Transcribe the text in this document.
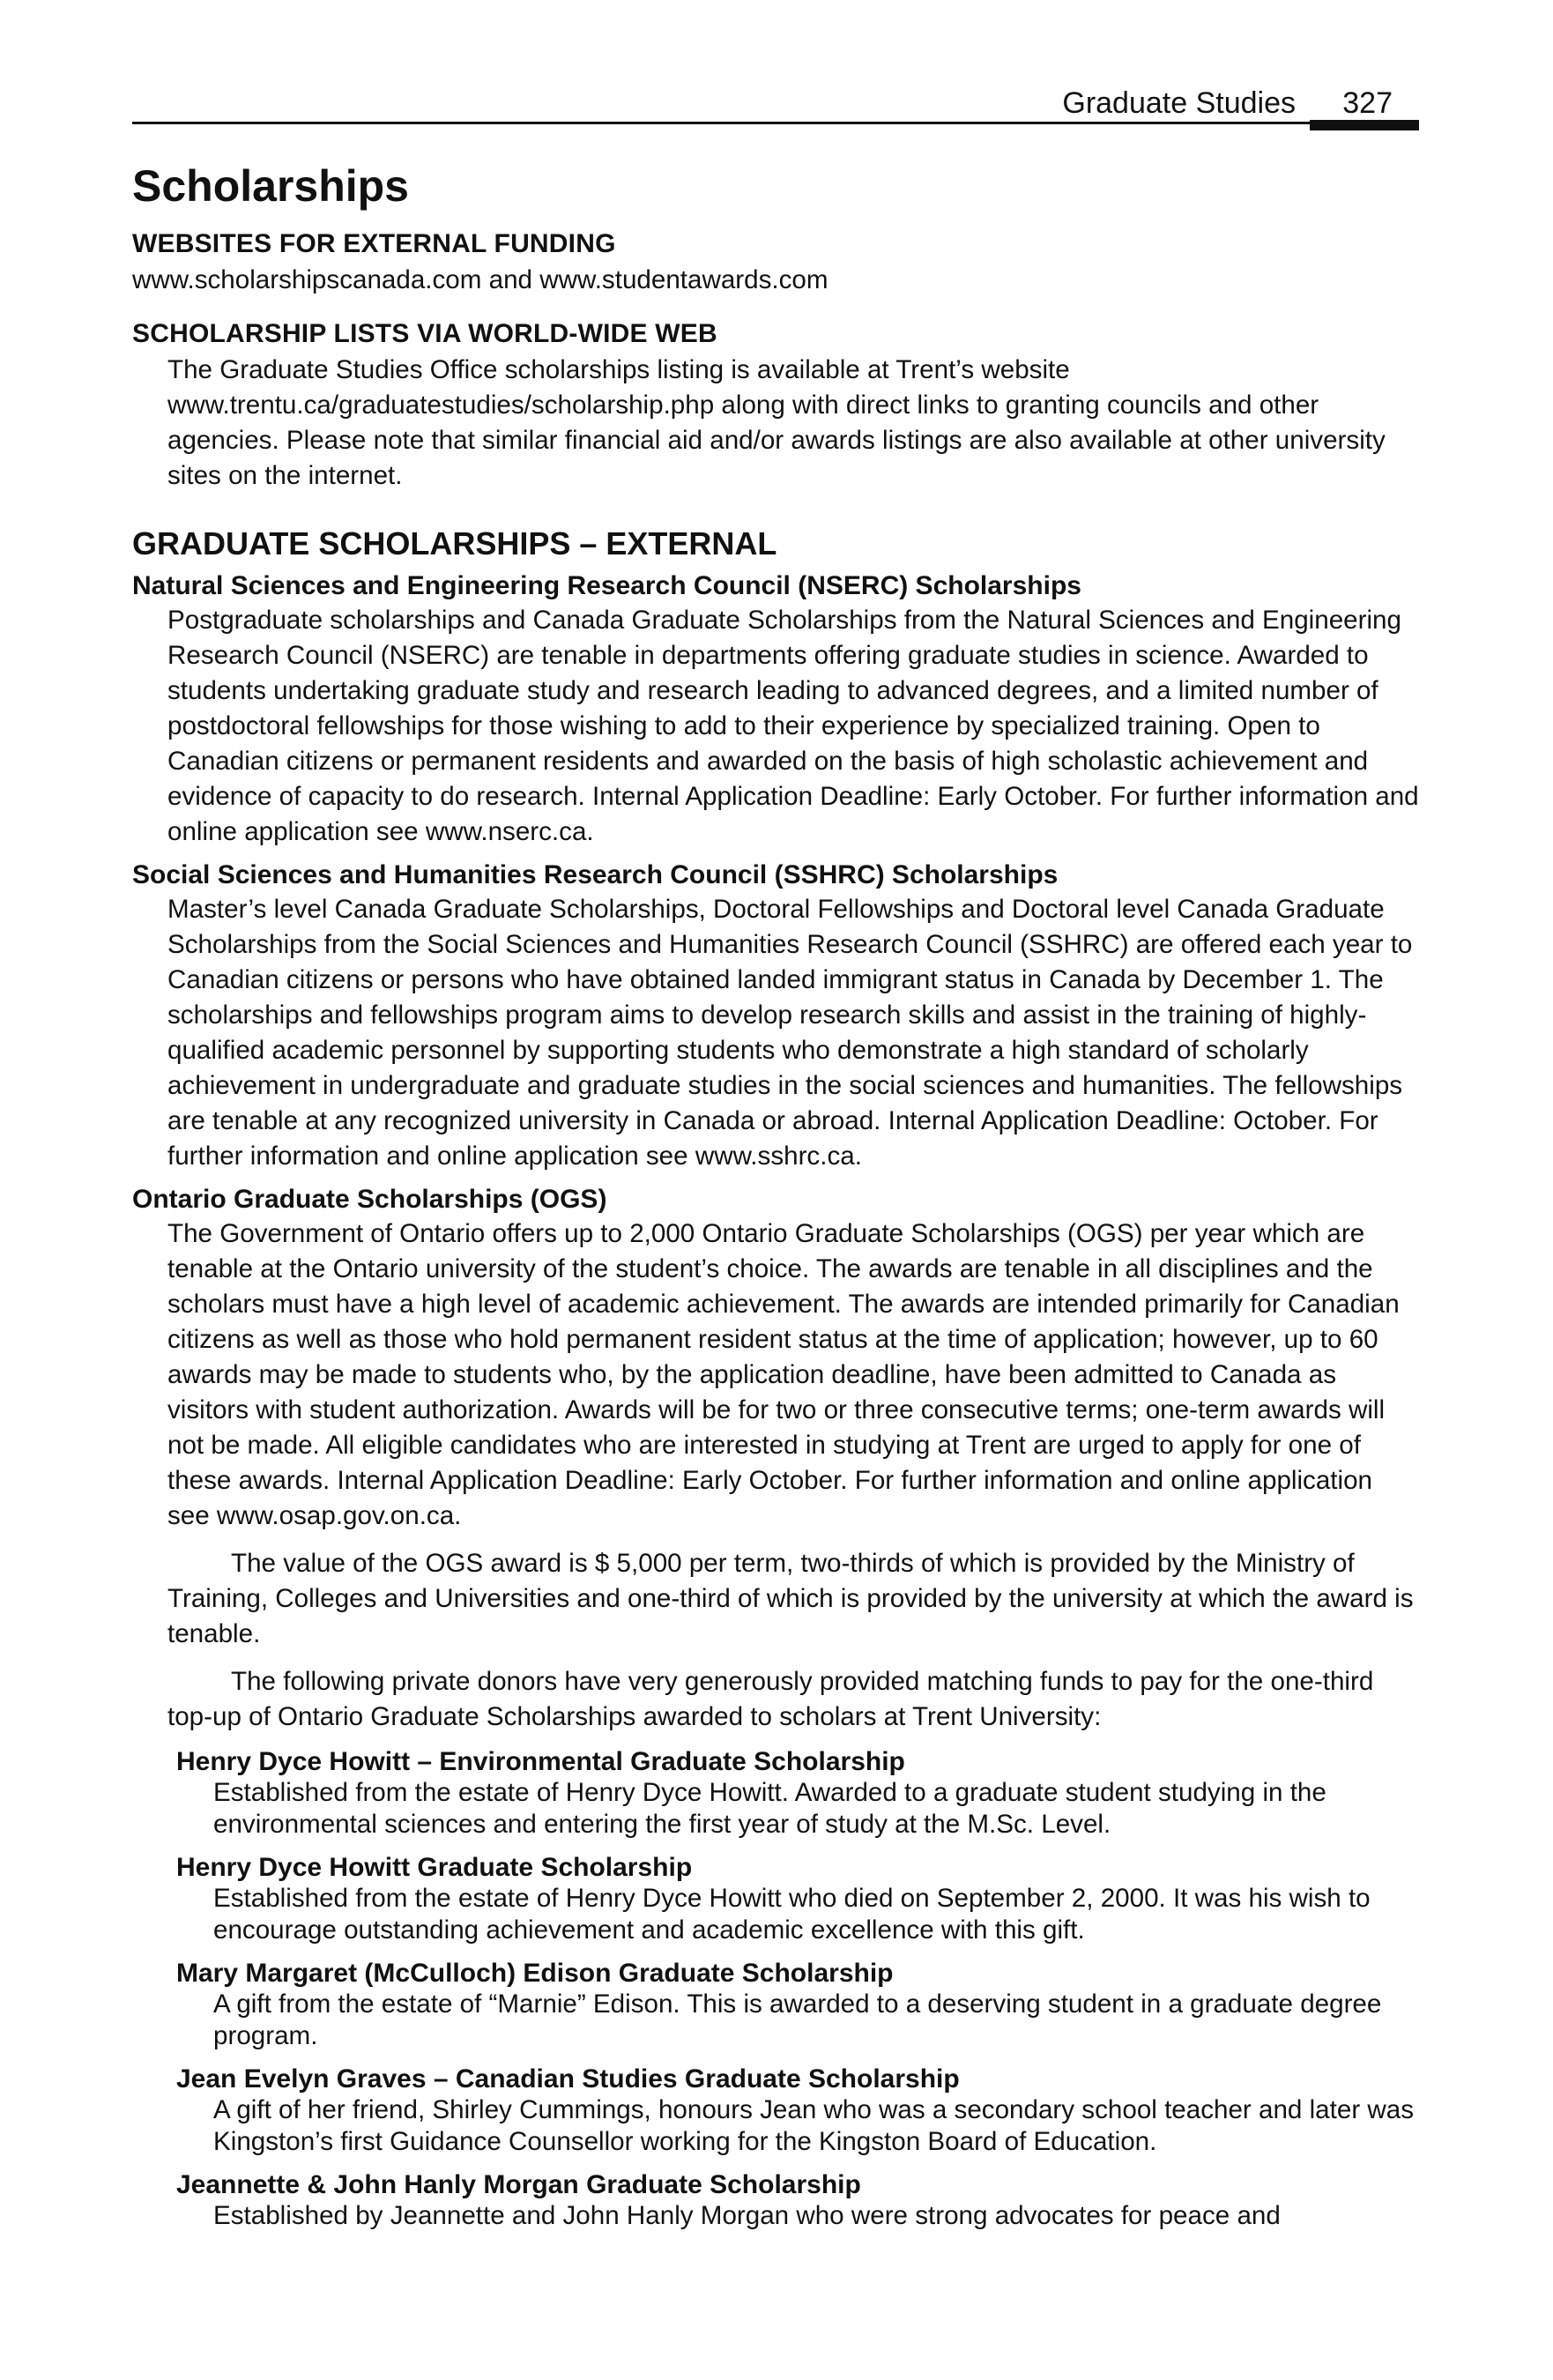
Graduate Studies 327
Scholarships
WEBSITES FOR EXTERNAL FUNDING
www.scholarshipscanada.com and www.studentawards.com
SCHOLARSHIP LISTS VIA WORLD-WIDE WEB
The Graduate Studies Office scholarships listing is available at Trent’s website www.trentu.ca/graduatestudies/scholarship.php along with direct links to granting councils and other agencies. Please note that similar financial aid and/or awards listings are also available at other university sites on the internet.
GRADUATE SCHOLARSHIPS – EXTERNAL
Natural Sciences and Engineering Research Council (NSERC) Scholarships
Postgraduate scholarships and Canada Graduate Scholarships from the Natural Sciences and Engineering Research Council (NSERC) are tenable in departments offering graduate studies in science. Awarded to students undertaking graduate study and research leading to advanced degrees, and a limited number of postdoctoral fellowships for those wishing to add to their experience by specialized training. Open to Canadian citizens or permanent residents and awarded on the basis of high scholastic achievement and evidence of capacity to do research. Internal Application Deadline: Early October. For further information and online application see www.nserc.ca.
Social Sciences and Humanities Research Council (SSHRC) Scholarships
Master’s level Canada Graduate Scholarships, Doctoral Fellowships and Doctoral level Canada Graduate Scholarships from the Social Sciences and Humanities Research Council (SSHRC) are offered each year to Canadian citizens or persons who have obtained landed immigrant status in Canada by December 1. The scholarships and fellowships program aims to develop research skills and assist in the training of highly-qualified academic personnel by supporting students who demonstrate a high standard of scholarly achievement in undergraduate and graduate studies in the social sciences and humanities. The fellowships are tenable at any recognized university in Canada or abroad. Internal Application Deadline: October. For further information and online application see www.sshrc.ca.
Ontario Graduate Scholarships (OGS)
The Government of Ontario offers up to 2,000 Ontario Graduate Scholarships (OGS) per year which are tenable at the Ontario university of the student’s choice. The awards are tenable in all disciplines and the scholars must have a high level of academic achievement. The awards are intended primarily for Canadian citizens as well as those who hold permanent resident status at the time of application; however, up to 60 awards may be made to students who, by the application deadline, have been admitted to Canada as visitors with student authorization. Awards will be for two or three consecutive terms; one-term awards will not be made. All eligible candidates who are interested in studying at Trent are urged to apply for one of these awards. Internal Application Deadline: Early October. For further information and online application see www.osap.gov.on.ca.
The value of the OGS award is $ 5,000 per term, two-thirds of which is provided by the Ministry of Training, Colleges and Universities and one-third of which is provided by the university at which the award is tenable.
The following private donors have very generously provided matching funds to pay for the one-third top-up of Ontario Graduate Scholarships awarded to scholars at Trent University:
Henry Dyce Howitt – Environmental Graduate Scholarship
Established from the estate of Henry Dyce Howitt. Awarded to a graduate student studying in the environmental sciences and entering the first year of study at the M.Sc. Level.
Henry Dyce Howitt Graduate Scholarship
Established from the estate of Henry Dyce Howitt who died on September 2, 2000. It was his wish to encourage outstanding achievement and academic excellence with this gift.
Mary Margaret (McCulloch) Edison Graduate Scholarship
A gift from the estate of “Marnie” Edison. This is awarded to a deserving student in a graduate degree program.
Jean Evelyn Graves – Canadian Studies Graduate Scholarship
A gift of her friend, Shirley Cummings, honours Jean who was a secondary school teacher and later was Kingston’s first Guidance Counsellor working for the Kingston Board of Education.
Jeannette & John Hanly Morgan Graduate Scholarship
Established by Jeannette and John Hanly Morgan who were strong advocates for peace and
